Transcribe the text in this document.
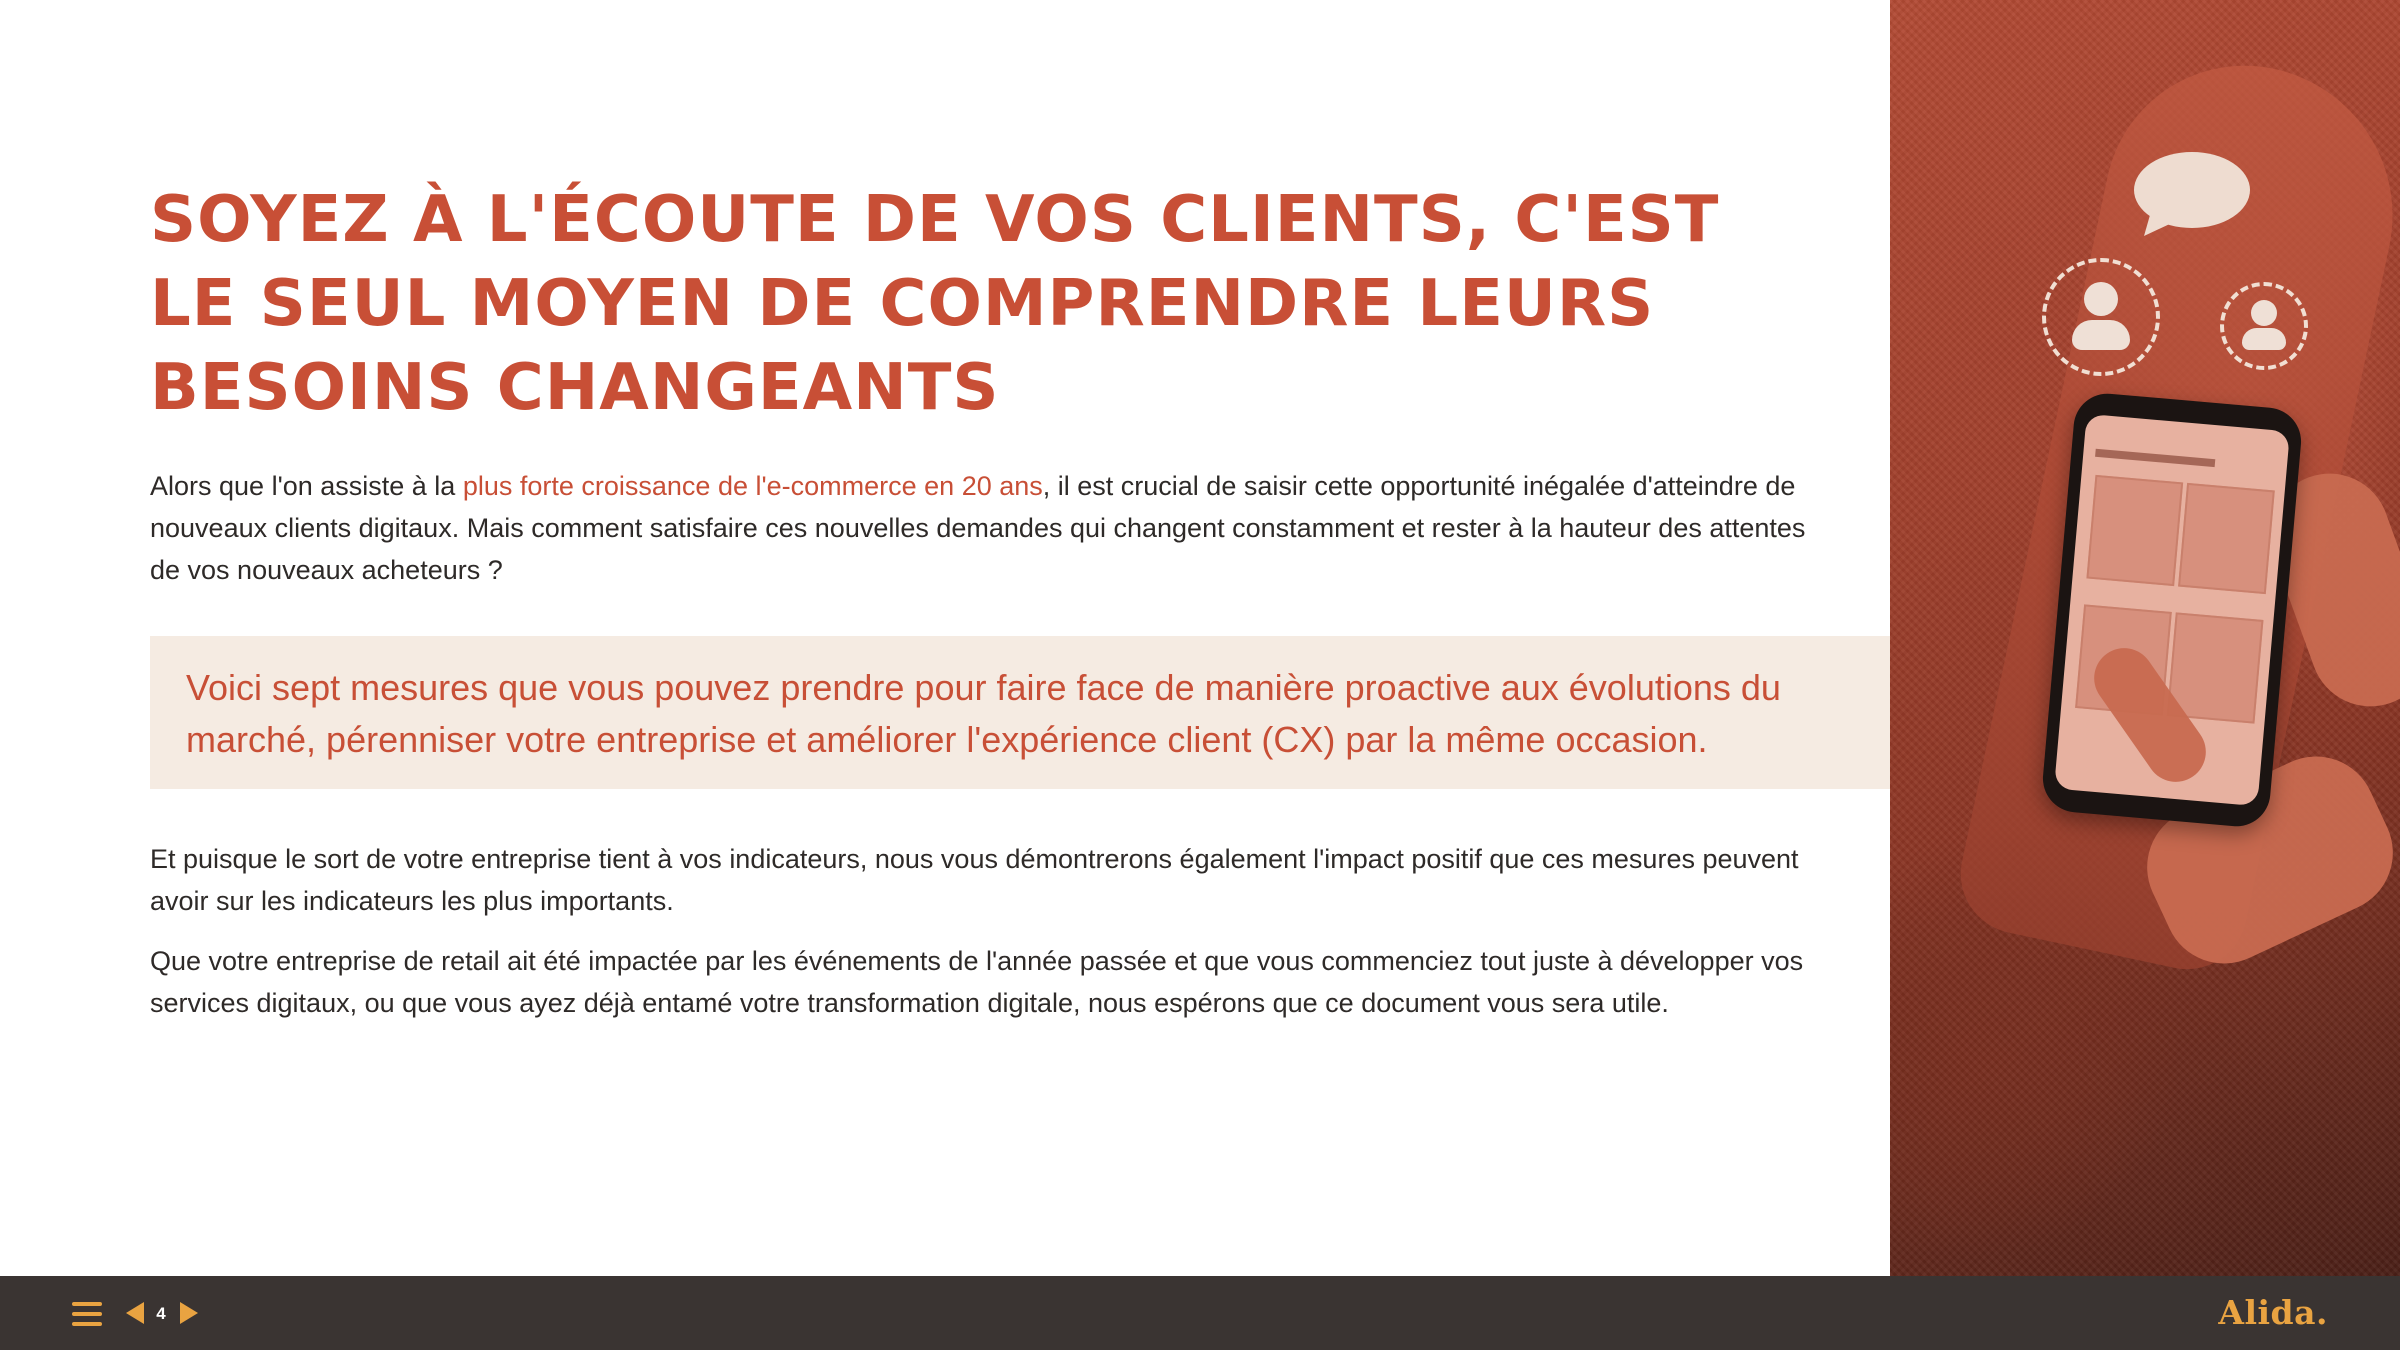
SOYEZ À L'ÉCOUTE DE VOS CLIENTS, C'EST LE SEUL MOYEN DE COMPRENDRE LEURS BESOINS CHANGEANTS

Alors que l'on assiste à la plus forte croissance de l'e-commerce en 20 ans, il est crucial de saisir cette opportunité inégalée d'atteindre de nouveaux clients digitaux. Mais comment satisfaire ces nouvelles demandes qui changent constamment et rester à la hauteur des attentes de vos nouveaux acheteurs ?

Voici sept mesures que vous pouvez prendre pour faire face de manière proactive aux évolutions du marché, pérenniser votre entreprise et améliorer l'expérience client (CX) par la même occasion.

Et puisque le sort de votre entreprise tient à vos indicateurs, nous vous démontrerons également l'impact positif que ces mesures peuvent avoir sur les indicateurs les plus importants.

Que votre entreprise de retail ait été impactée par les événements de l'année passée et que vous commenciez tout juste à développer vos services digitaux, ou que vous ayez déjà entamé votre transformation digitale, nous espérons que ce document vous sera utile.

4	Alida.
